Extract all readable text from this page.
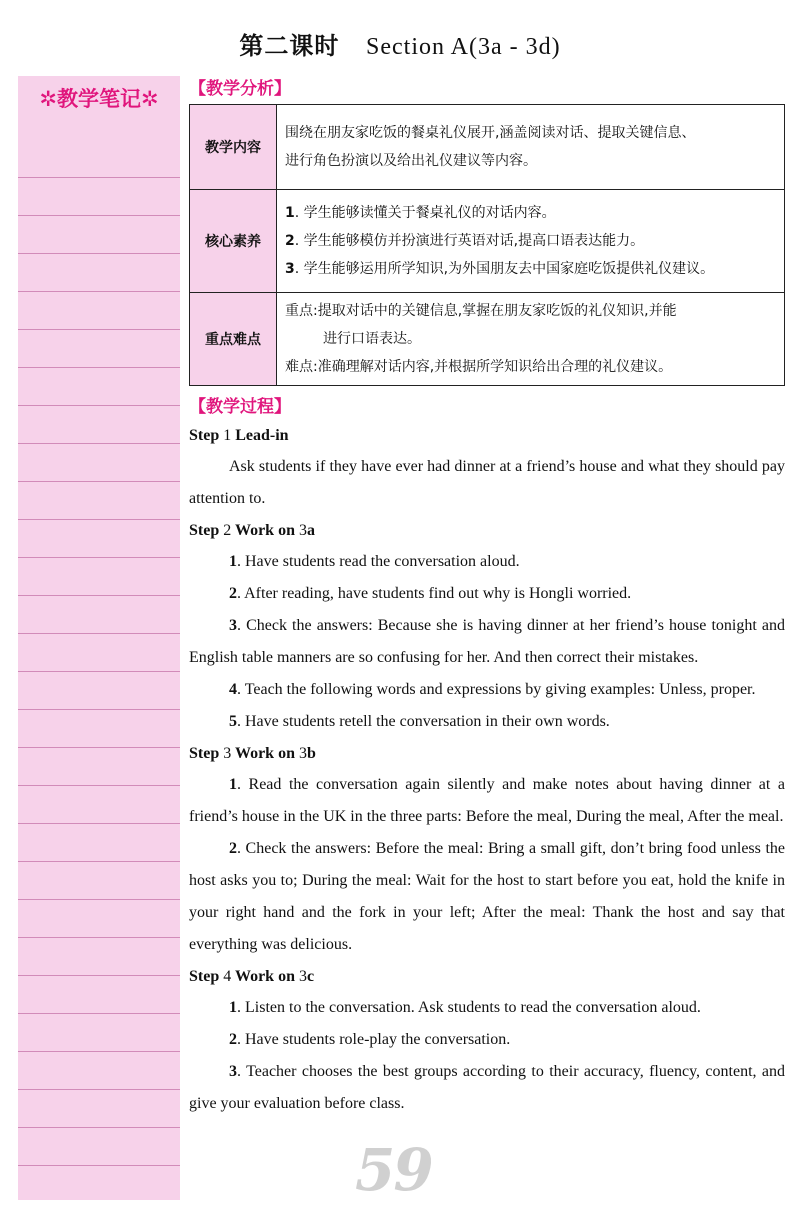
第二课时 Section A(3a - 3d)
✲教学笔记✲	【教学分析】
教学内容	围绕在朋友家吃饭的餐桌礼仪展开,涵盖阅读对话、提取关键信息、
进行角色扮演以及给出礼仪建议等内容。

核心素养	1. 学生能够读懂关于餐桌礼仪的对话内容。
2. 学生能够模仿并扮演进行英语对话,提高口语表达能力。
3. 学生能够运用所学知识,为外国朋友去中国家庭吃饭提供礼仪建议。

重点难点	重点:提取对话中的关键信息,掌握在朋友家吃饭的礼仪知识,并能
进行口语表达。
难点:准确理解对话内容,并根据所学知识给出合理的礼仪建议。
【教学过程】
Step 1 Lead-in

Ask students if they have ever had dinner at a friend’s house and what they should pay attention to.

Step 2 Work on 3a

1. Have students read the conversation aloud.

2. After reading, have students find out why is Hongli worried.

3. Check the answers: Because she is having dinner at her friend’s house tonight and English table manners are so confusing for her. And then correct their mistakes.

4. Teach the following words and expressions by giving examples: Unless, proper.

5. Have students retell the conversation in their own words.

Step 3 Work on 3b

1. Read the conversation again silently and make notes about having dinner at a friend’s house in the UK in the three parts: Before the meal, During the meal, After the meal.

2. Check the answers: Before the meal: Bring a small gift, don’t bring food unless the host asks you to; During the meal: Wait for the host to start before you eat, hold the knife in your right hand and the fork in your left; After the meal: Thank the host and say that everything was delicious.

Step 4 Work on 3c

1. Listen to the conversation. Ask students to read the conversation aloud.

2. Have students role-play the conversation.

3. Teacher chooses the best groups according to their accuracy, fluency, content, and give your evaluation before class.

59
